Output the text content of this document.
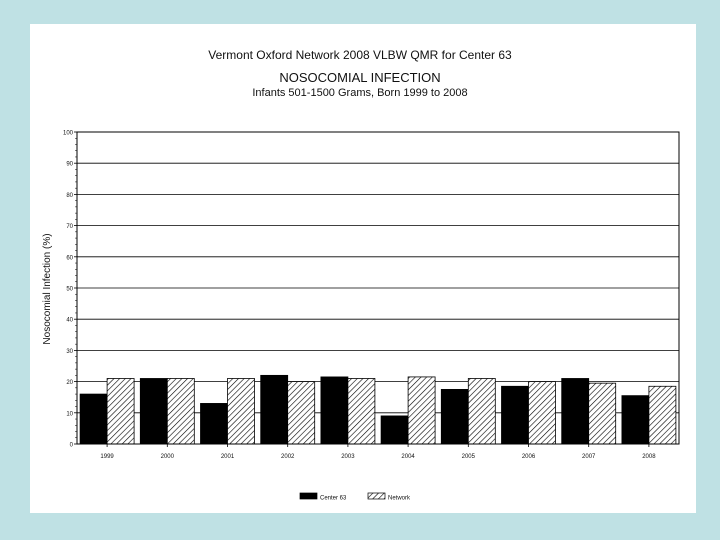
Vermont Oxford Network 2008 VLBW QMR for Center 63
NOSOCOMIAL INFECTION
Infants 501-1500 Grams, Born 1999 to 2008
0
10
20
30
40
50
60
70
80
90
100
1999	2000	2001	2002	2003	2004	2005	2006	2007	2008
Nosocomial Infection (%)
Center 63	Network
